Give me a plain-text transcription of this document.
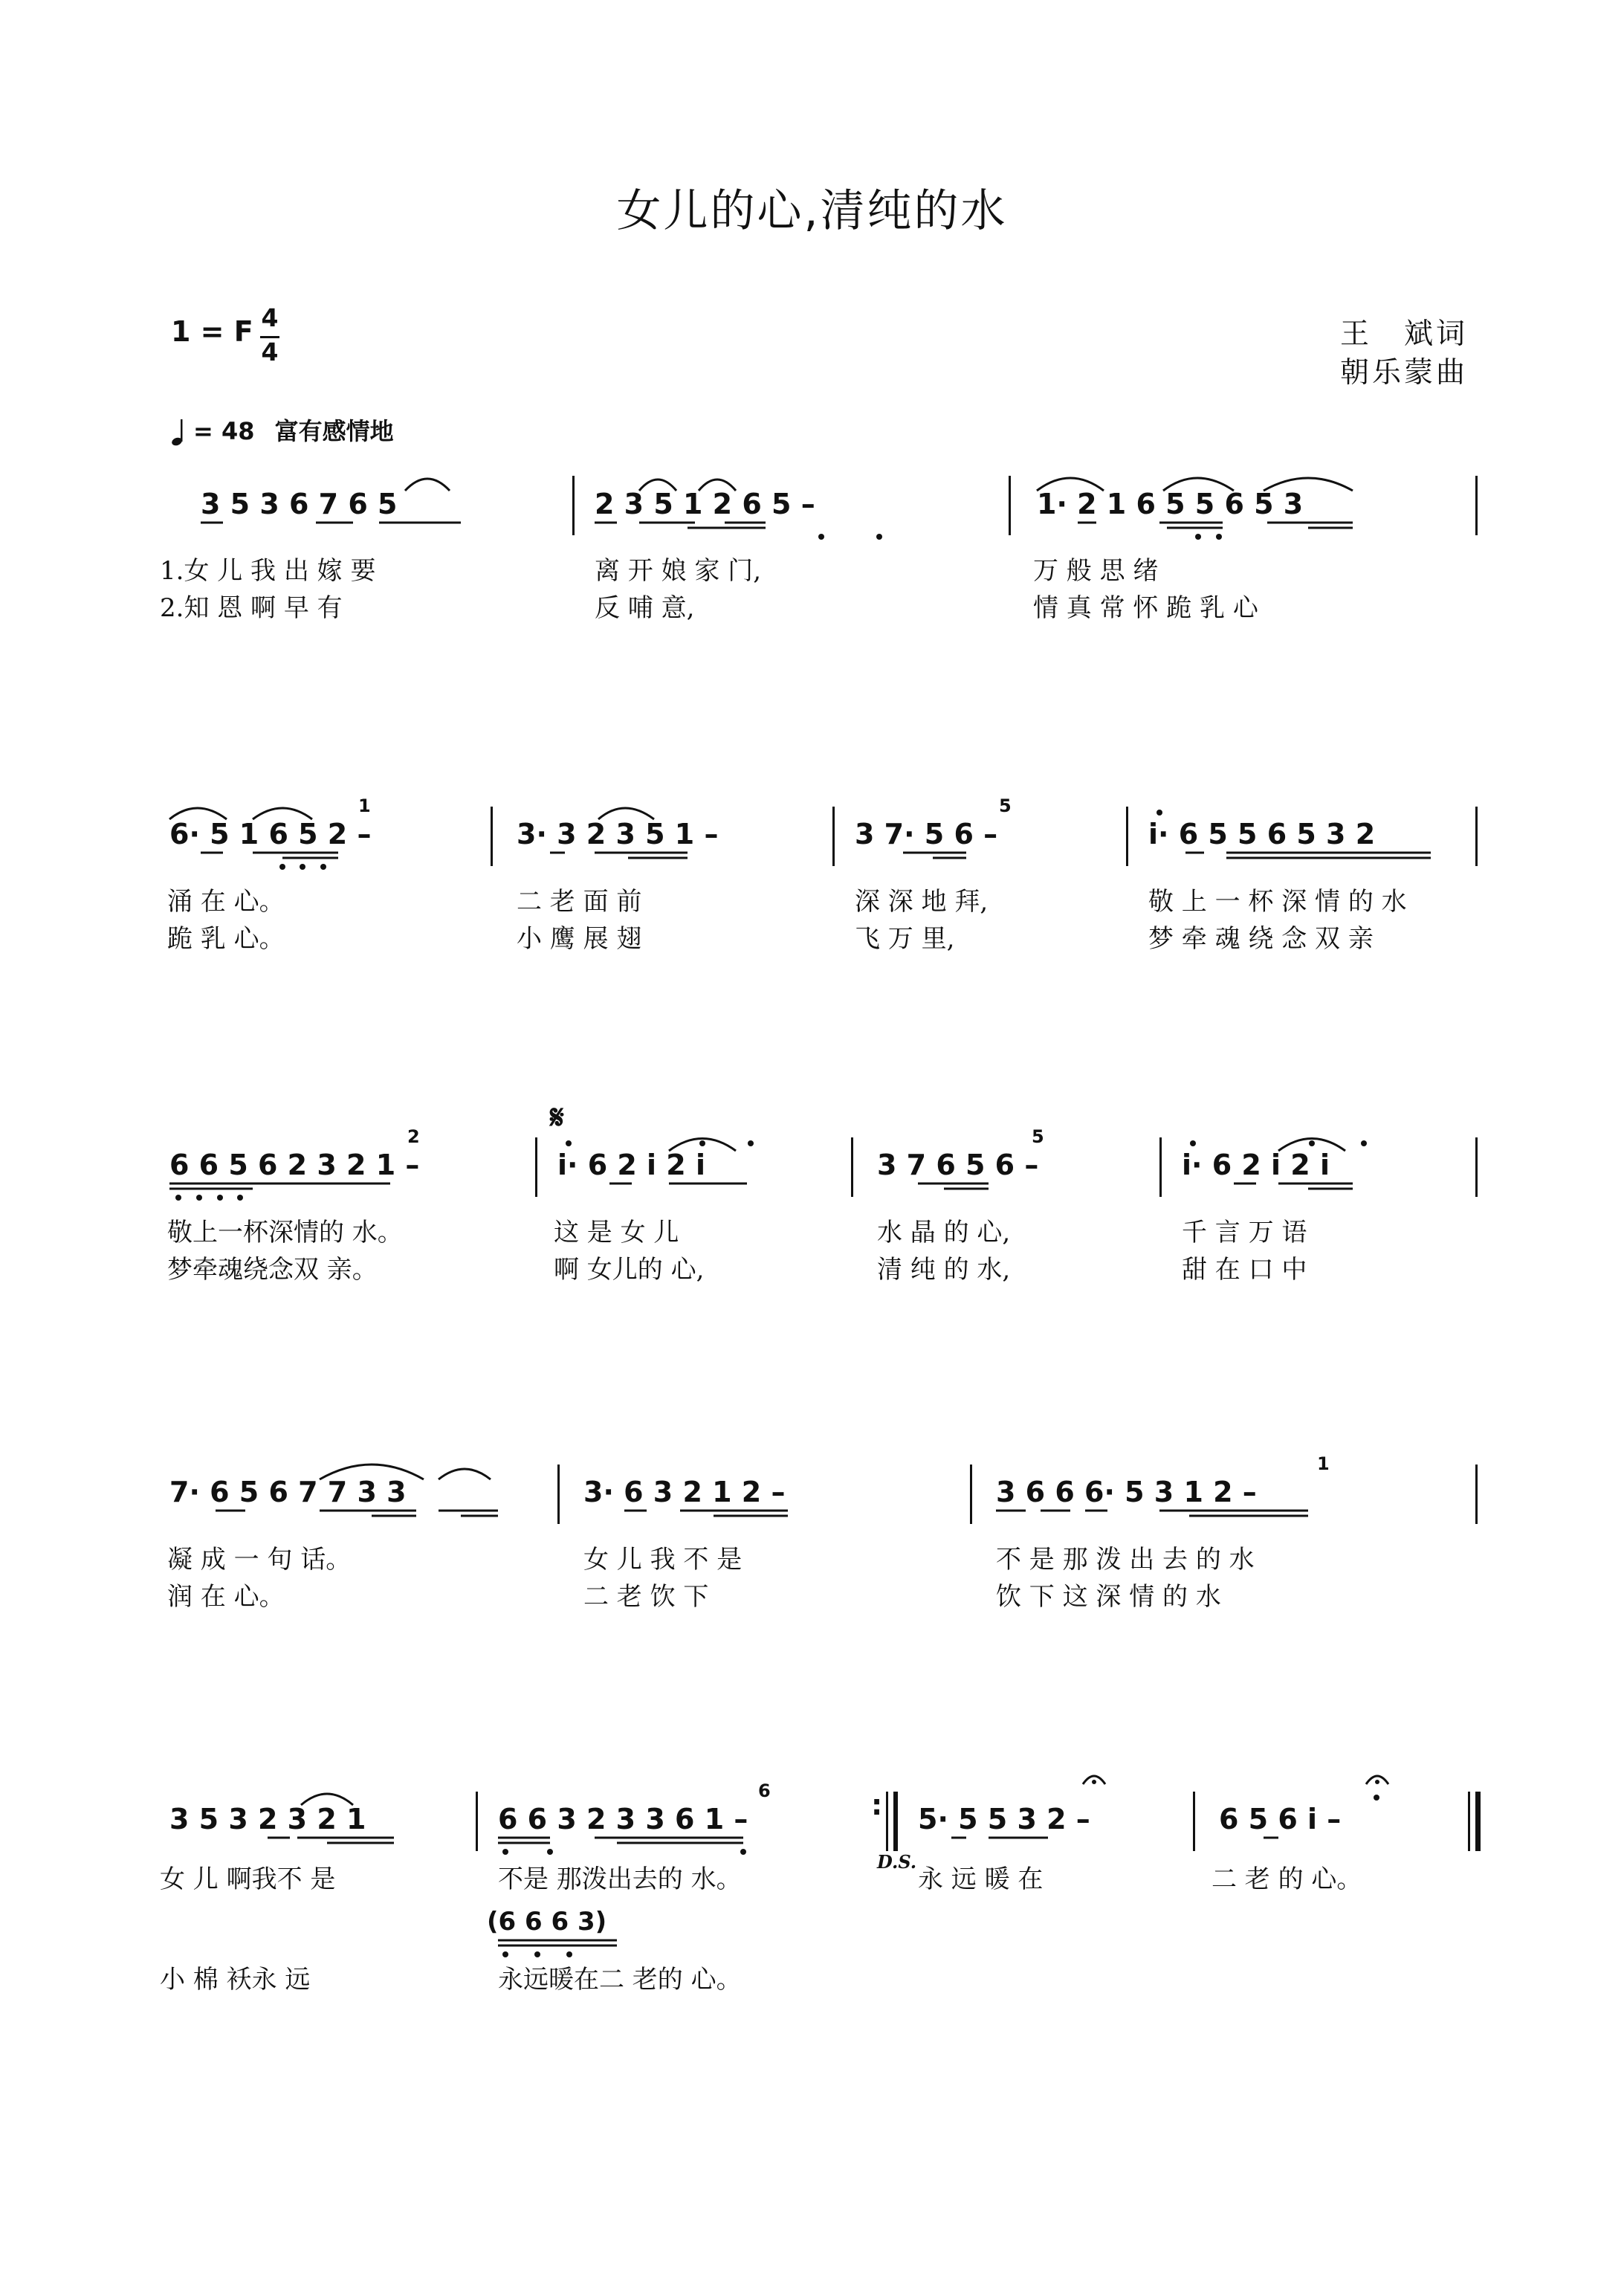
女儿的心,清纯的水
王　斌词
朝乐蒙曲
1 = F 4
4
= 48 富有感情地
3 5 3 6 7 6 5	2 3 5 1 2 6 5 –	1· 2 1 6 5 5 6 5 3
1.女 儿 我 出 嫁 要	离 开 娘 家 门,	万 般 思 绪
2.知 恩 啊 早 有	反 哺 意,	情 真 常 怀 跪 乳 心
6· 5 1 6 5 2 –	3· 3 2 3 5 1 –	3 7· 5 6 –	i· 6 5 5 6 5 3 2
1	5
涌 在 心。	二 老 面 前	深 深 地 拜,	敬 上 一 杯 深 情 的 水
跪 乳 心。	小 鹰 展 翅	飞 万 里,	梦 牵 魂 绕 念 双 亲
𝄋
6 6 5 6 2 3 2 1 –	i· 6 2 i 2 i	3 7 6 5 6 –	i· 6 2 i 2 i
2	5
敬上一杯深情的 水。	这 是 女 儿	水 晶 的 心,	千 言 万 语
梦牵魂绕念双 亲。	啊 女儿的 心,	清 纯 的 水,	甜 在 口 中
7· 6 5 6 7 7 3 3	3· 6 3 2 1 2 –	3 6 6 6· 5 3 1 2 –
1
凝 成 一 句 话。	女 儿 我 不 是	不 是 那 泼 出 去 的 水
润 在 心。	二 老 饮 下	饮 下 这 深 情 的 水
3 5 3 2 3 2 1	6 6 3 2 3 3 6 1 –	5· 5 5 3 2 –	6 5 6 i –
6	:
女 儿 啊我不 是	不是 那泼出去的 水。
D.S.
永 远 暖 在	二 老 的 心。
(6 6 6 3)
小 棉 袄永 远	永远暖在二 老的 心。
